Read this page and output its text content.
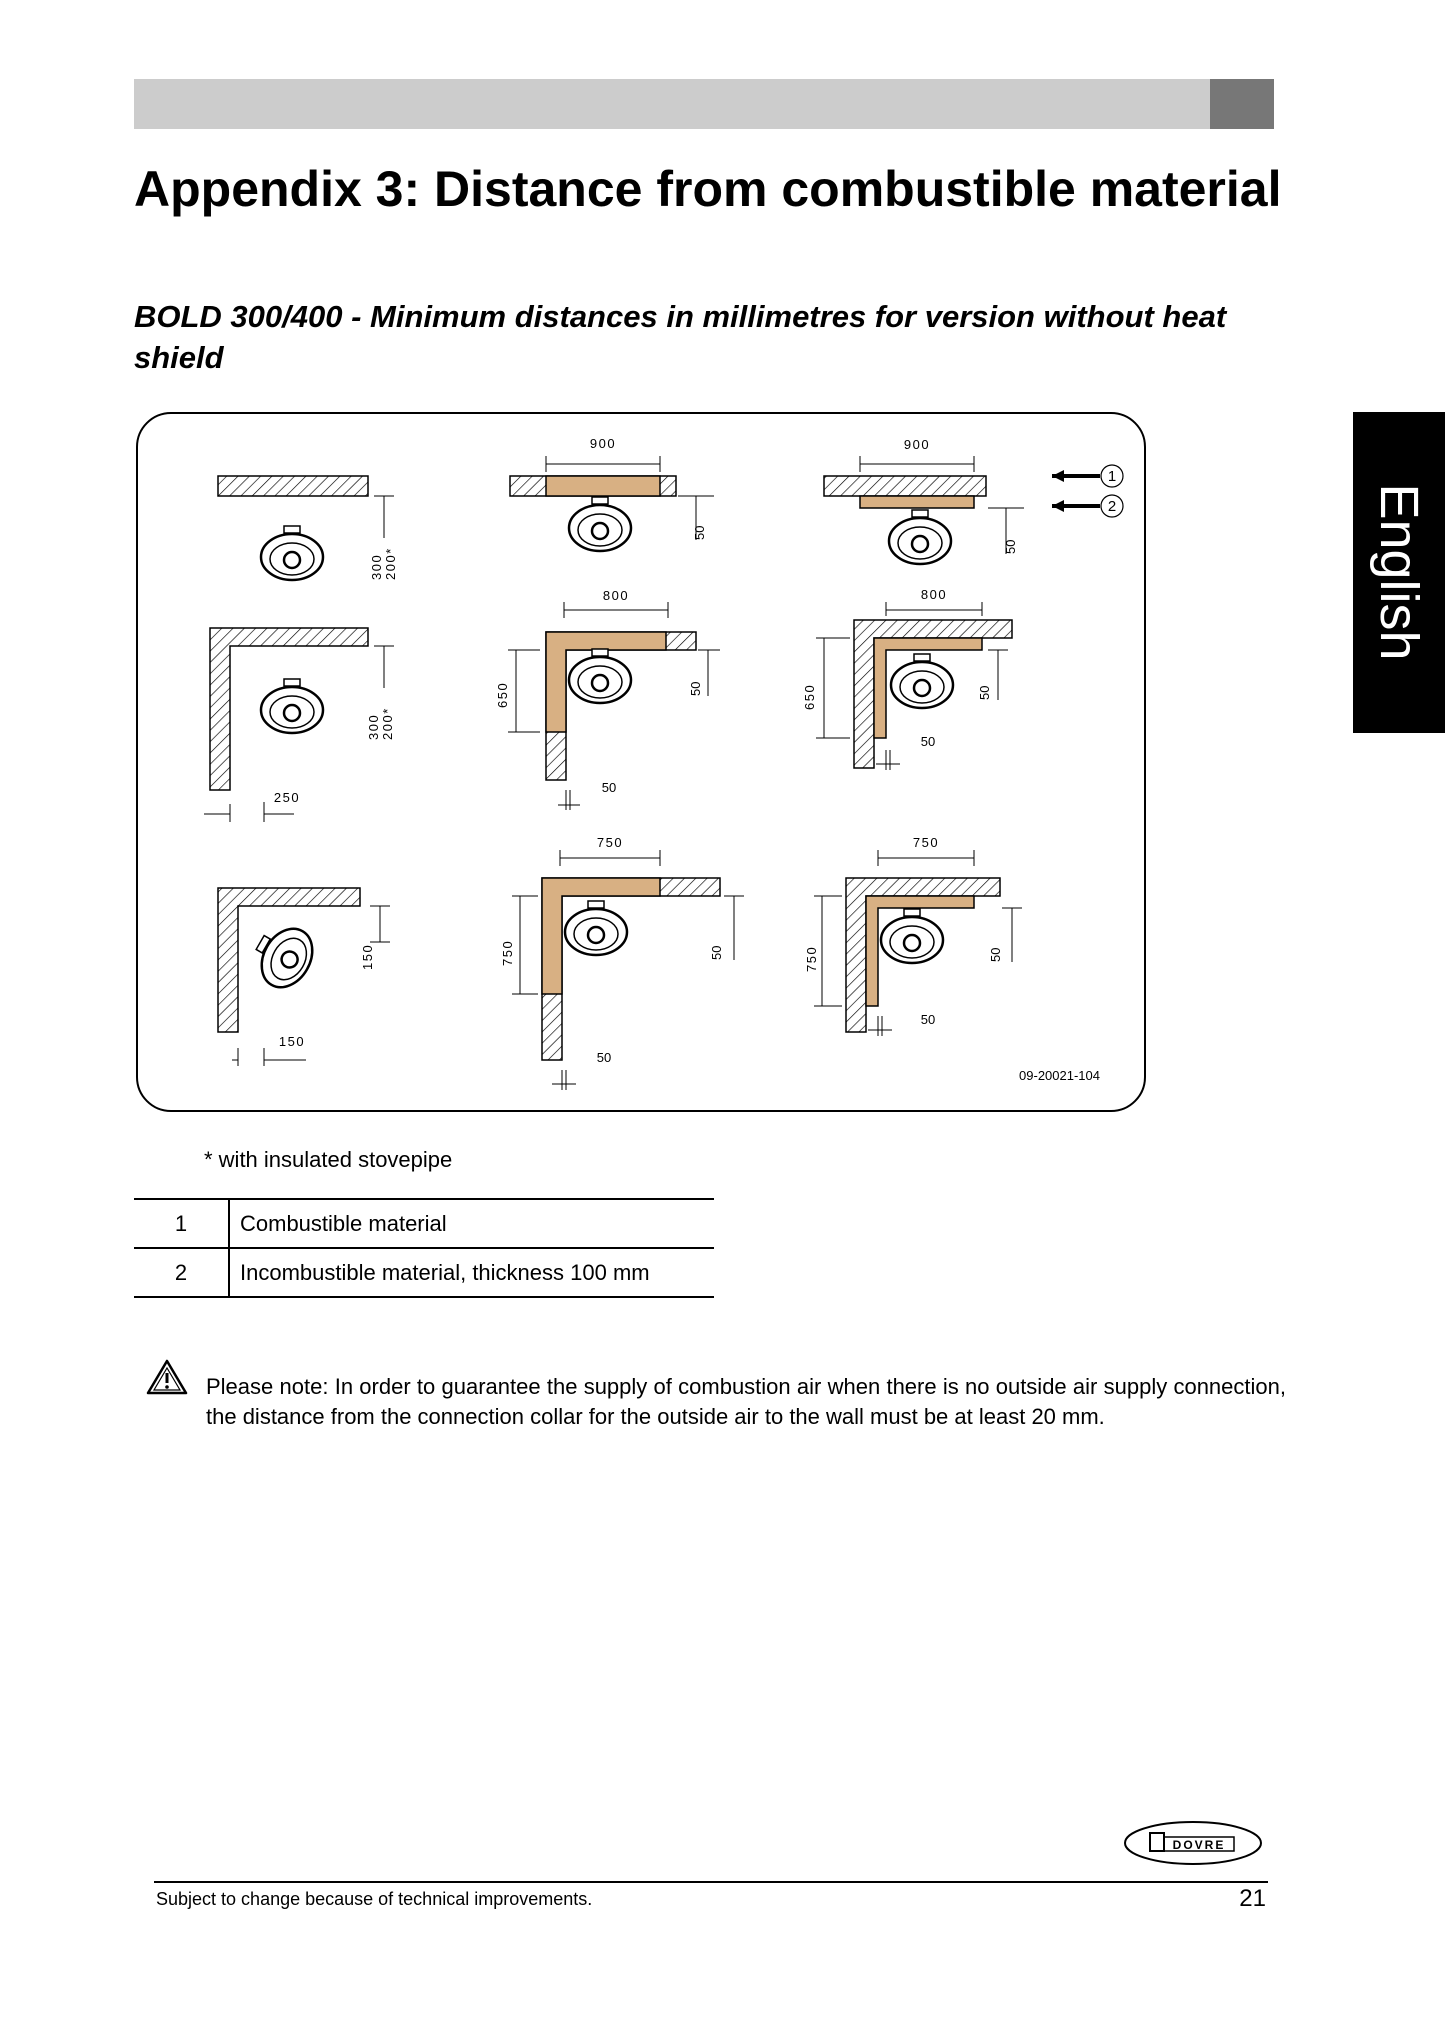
Appendix 3: Distance from combustible material
BOLD 300/400 - Minimum distances in millimetres for version without heat shield
English
300 200*
900
50
900
50
1
2
300 200*
250
800
650	50
50
800
650	50
50
150
150
750
750	50
50
750
750	50
50
09-20021-104
* with insulated stovepipe
1	Combustible material
2	Incombustible material, thickness 100 mm
Please note: In order to guarantee the supply of combustion air when there is no outside air supply connection, the distance from the connection collar for the outside air to the wall must be at least 20 mm.
DOVRE
Subject to change because of technical improvements.	21
